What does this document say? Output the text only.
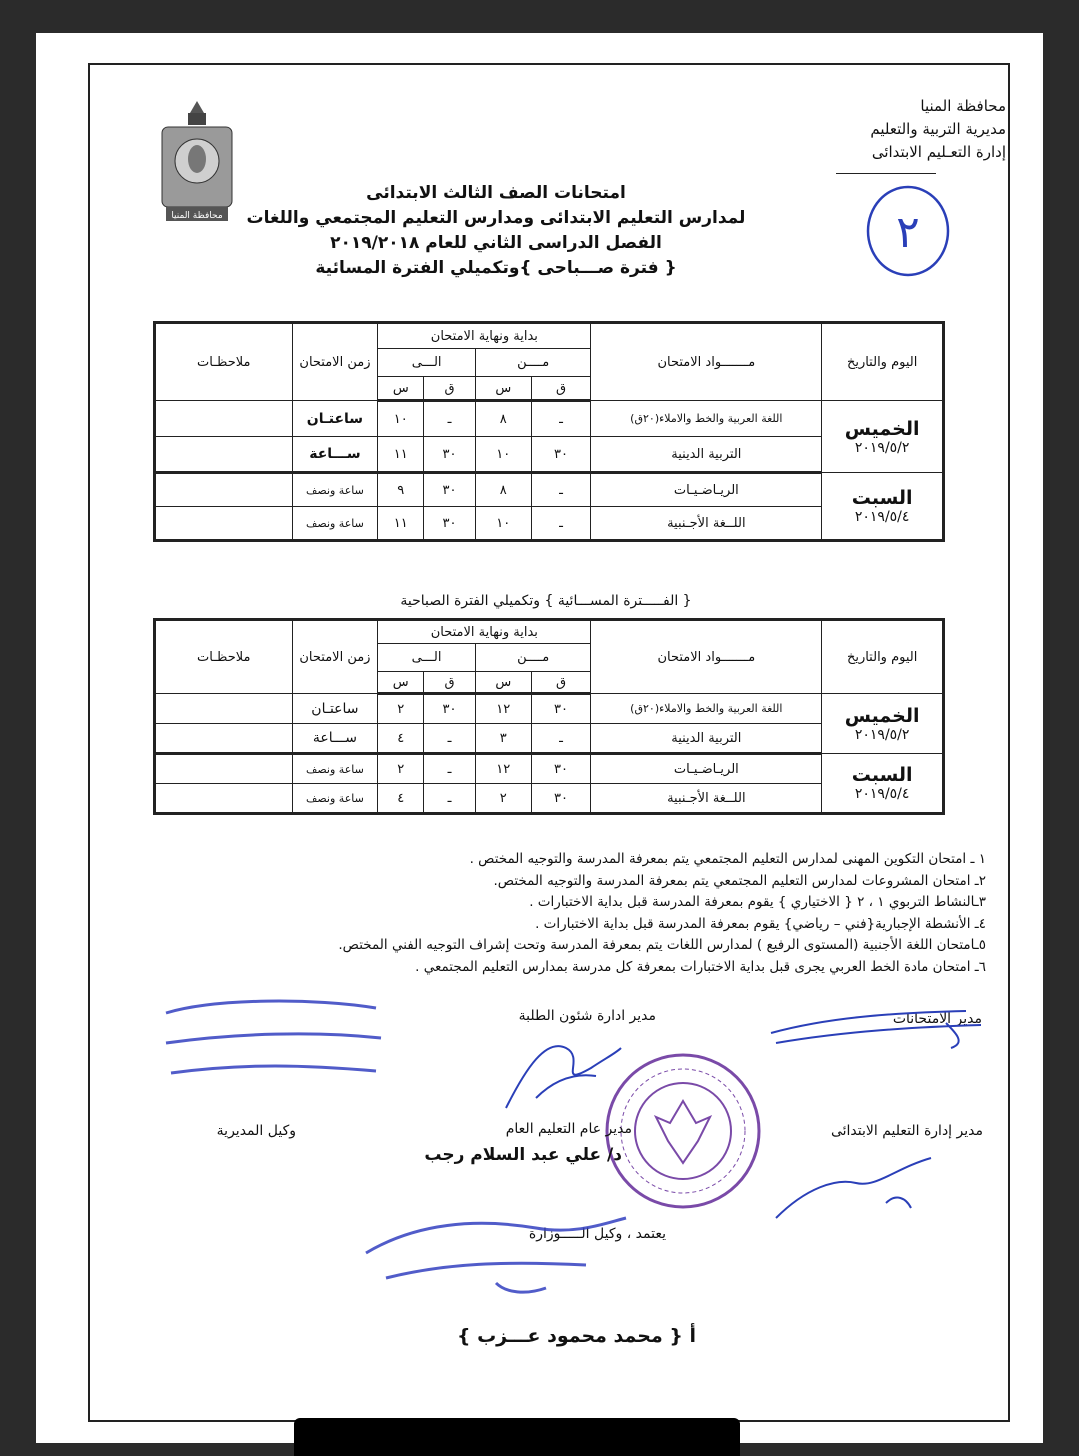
محافظة المنيا
مديرية التربية والتعليم
إدارة التعـليم الابتدائى
محافظة المنيا	٢
امتحانات الصف الثالث الابتدائى
لمدارس التعليم الابتدائى ومدارس التعليم المجتمعي واللغات
الفصل الدراسى الثاني للعام ٢٠١٩/٢٠١٨
{ فترة صـــباحى }وتكميلي الفترة المسائية
اليوم والتاريخ	مـــــــواد الامتحان	بداية ونهاية الامتحان				زمن الامتحان	ملاحظـات
		مــــن		الـــى			
		ق	س	ق	س		

الخميس
٢٠١٩/٥/٢	اللغة العربية والخط والاملاء(٢٠ق)	ـ	٨	ـ	١٠	ساعتـان	
	التربية الدينية	٣٠	١٠	٣٠	١١	ســـاعة	

السبت
٢٠١٩/٥/٤	الريـاضـيـات	ـ	٨	٣٠	٩	ساعة ونصف	
	اللــغة الأجـنبية	ـ	١٠	٣٠	١١	ساعة ونصف	
{ الفـــــترة المســـائية } وتكميلي الفترة الصباحية
اليوم والتاريخ	مـــــــواد الامتحان	بداية ونهاية الامتحان				زمن الامتحان	ملاحظـات
		مــــن		الـــى			
		ق	س	ق	س		

الخميس
٢٠١٩/٥/٢	اللغة العربية والخط والاملاء(٢٠ق)	٣٠	١٢	٣٠	٢	ساعتـان	
	التربية الدينية	ـ	٣	ـ	٤	ســـاعة	

السبت
٢٠١٩/٥/٤	الريـاضـيـات	٣٠	١٢	ـ	٢	ساعة ونصف	
	اللــغة الأجـنبية	٣٠	٢	ـ	٤	ساعة ونصف	
١ ـ امتحان التكوين المهنى لمدارس التعليم المجتمعي يتم بمعرفة المدرسة والتوجيه المختص .
٢ـ امتحان المشروعات لمدارس التعليم المجتمعي يتم بمعرفة المدرسة والتوجيه المختص.
٣ـالنشاط التربوي ١ ، ٢ { الاختياري } يقوم بمعرفة المدرسة قبل بداية الاختبارات .
٤ـ الأنشطة الإجبارية{فني – رياضي} يقوم بمعرفة المدرسة قبل بداية الاختبارات .
٥ـامتحان اللغة الأجنبية (المستوى الرفيع ) لمدارس اللغات يتم بمعرفة المدرسة وتحت إشراف التوجيه الفني المختص.
٦ـ امتحان مادة الخط العربي يجرى قبل بداية الاختبارات بمعرفة كل مدرسة بمدارس التعليم المجتمعي .
مدير الامتحانات
مدير ادارة شئون الطلبة
مدير إدارة التعليم الابتدائى
مدير عام التعليم العام
د/ علي عبد السلام رجب
وكيل المديرية
يعتمد ، وكيل الـــــوزارة
أ { محمد محمود عـــزب }
